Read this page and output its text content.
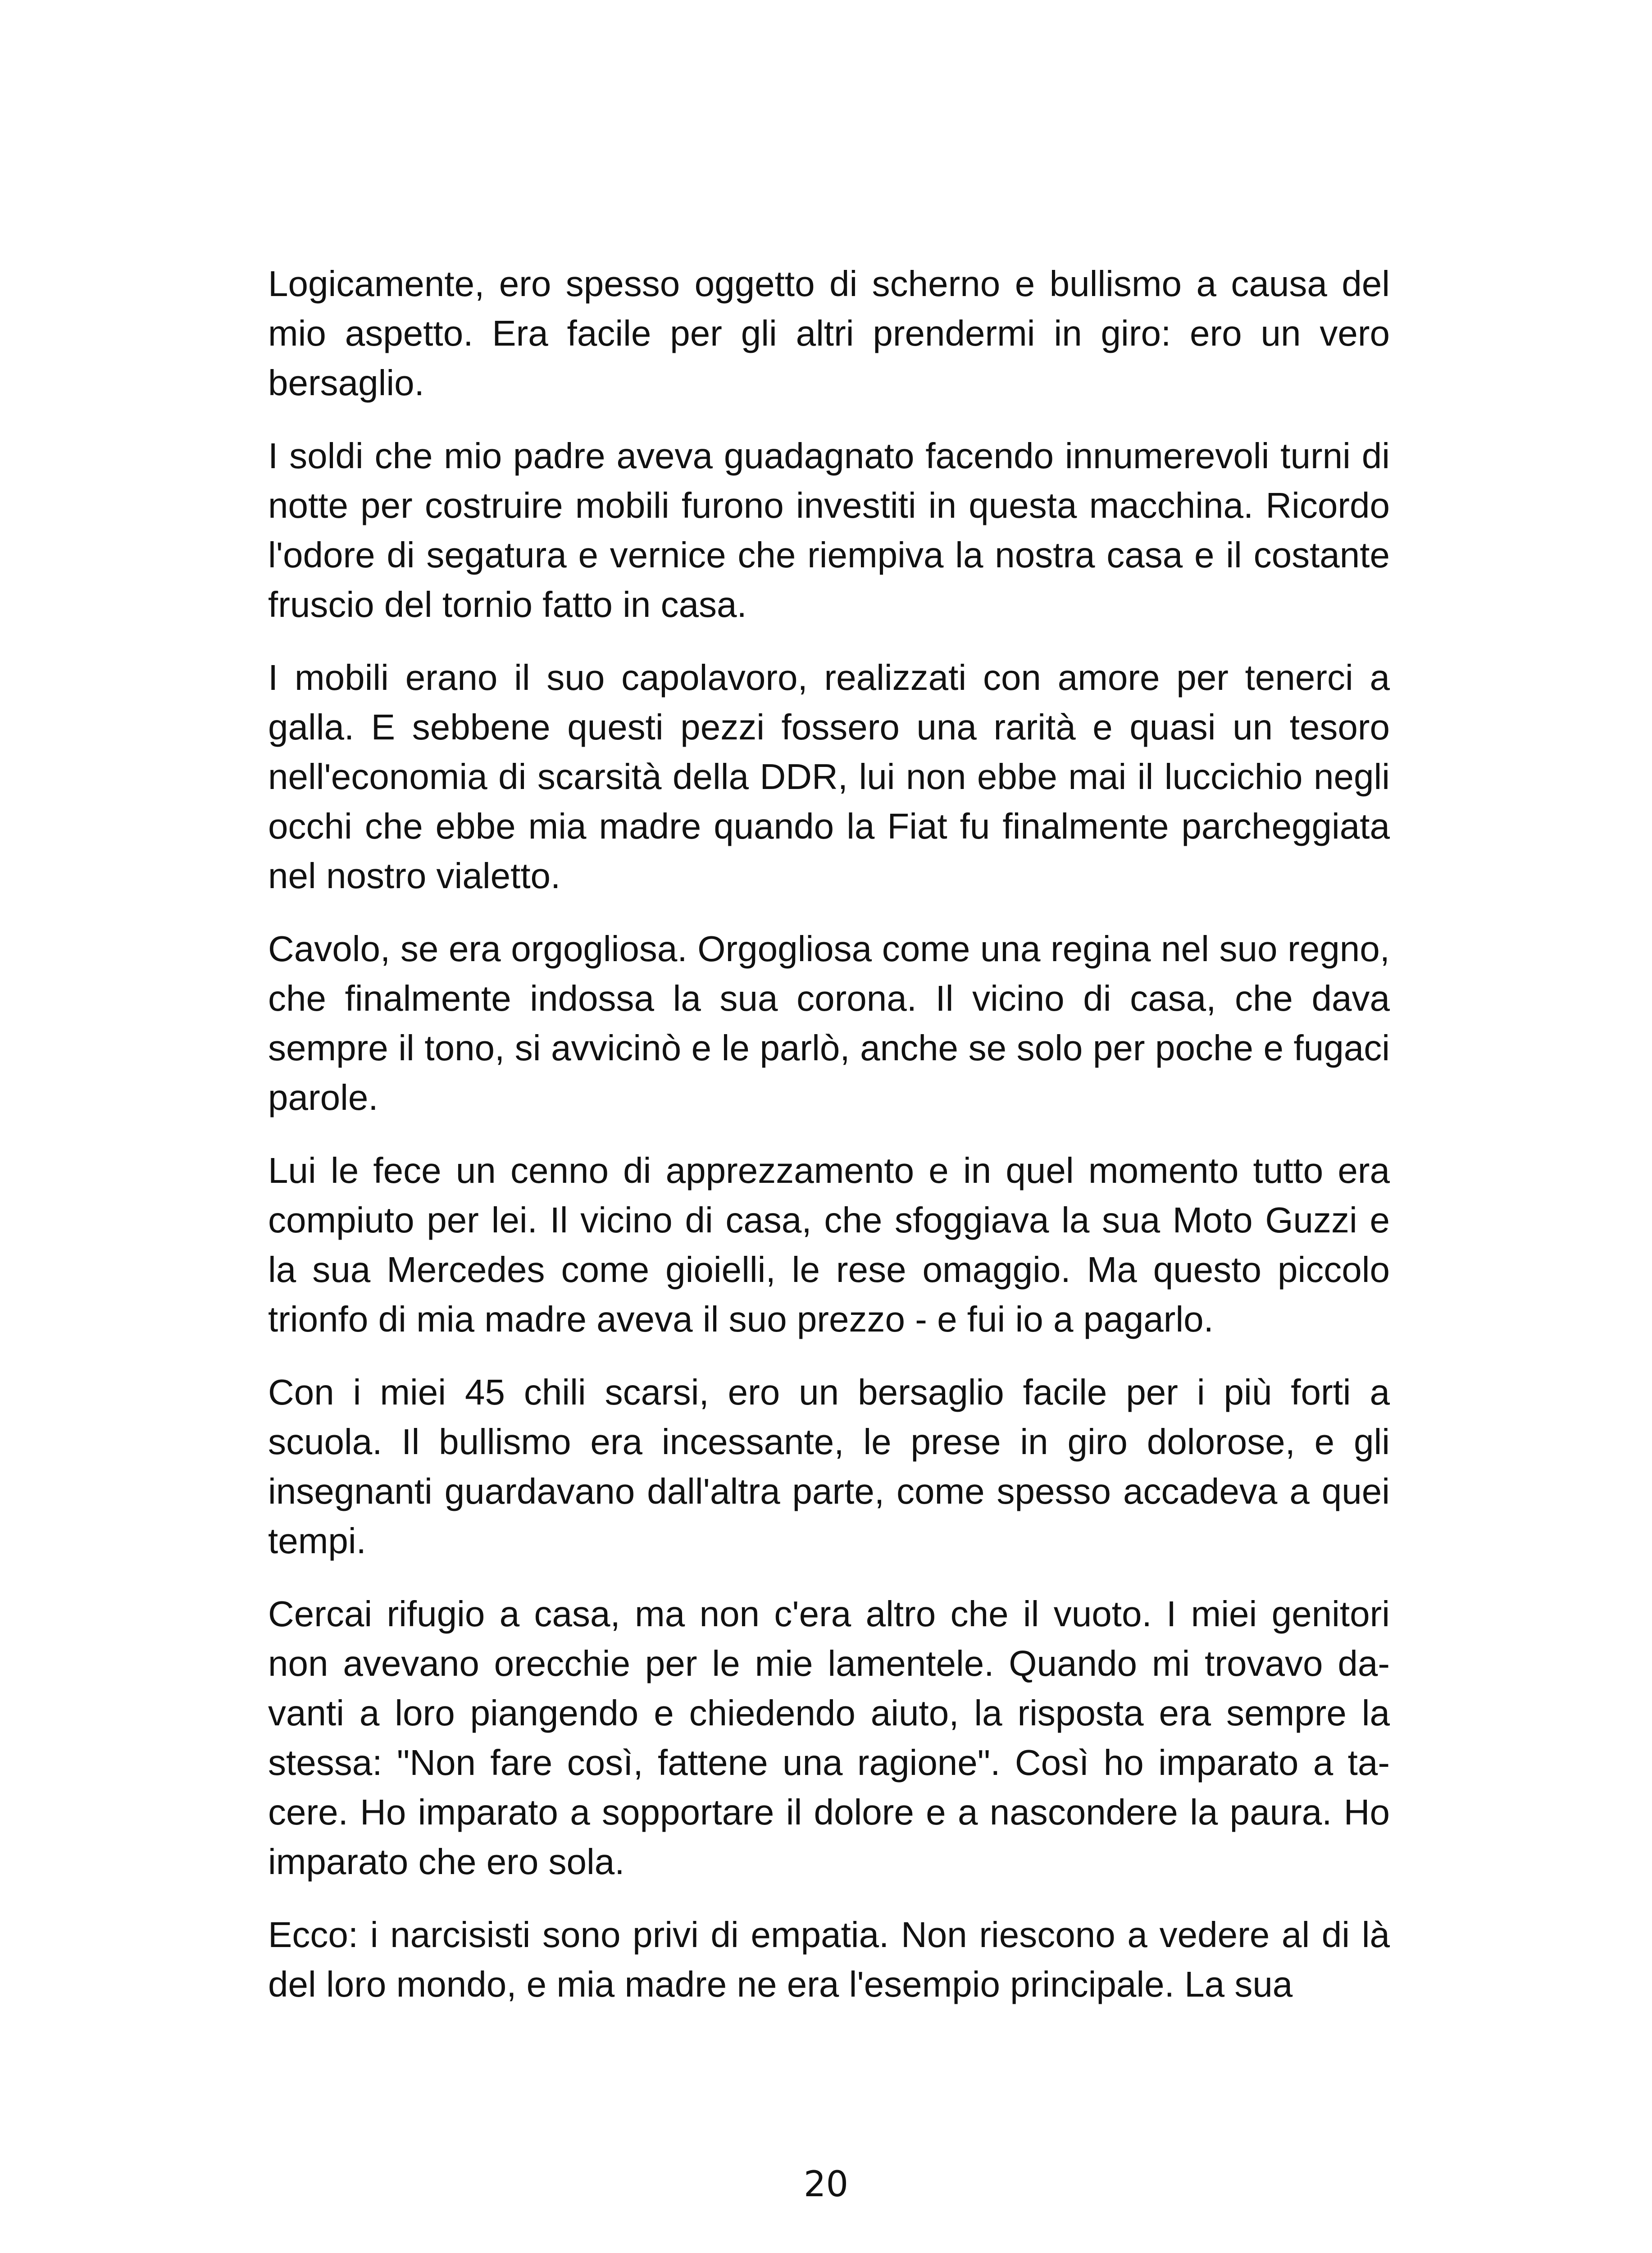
Logicamente, ero spesso oggetto di scherno e bullismo a causa del mio aspetto. Era facile per gli altri prendermi in giro: ero un vero bersaglio.

I soldi che mio padre aveva guadagnato facendo innumerevoli turni di notte per costruire mobili furono investiti in questa macchina. Ricordo l'odore di segatura e vernice che riempiva la nostra casa e il costante fruscio del tornio fatto in casa.

I mobili erano il suo capolavoro, realizzati con amore per tenerci a galla. E sebbene questi pezzi fossero una rarità e quasi un tesoro nell'economia di scarsità della DDR, lui non ebbe mai il luccichio negli occhi che ebbe mia madre quando la Fiat fu finalmente parcheggiata nel nostro vialetto.

Cavolo, se era orgogliosa. Orgogliosa come una regina nel suo regno, che finalmente indossa la sua corona. Il vicino di casa, che dava sempre il tono, si avvicinò e le parlò, anche se solo per poche e fugaci parole.

Lui le fece un cenno di apprezzamento e in quel momento tutto era compiuto per lei. Il vicino di casa, che sfoggiava la sua Moto Guzzi e la sua Mercedes come gioielli, le rese omaggio. Ma questo piccolo trionfo di mia madre aveva il suo prezzo - e fui io a pagarlo.

Con i miei 45 chili scarsi, ero un bersaglio facile per i più forti a scuola. Il bullismo era incessante, le prese in giro dolorose, e gli insegnanti guardavano dall'altra parte, come spesso accadeva a quei tempi.

Cercai rifugio a casa, ma non c'era altro che il vuoto. I miei genitori non avevano orecchie per le mie lamentele. Quando mi trovavo davanti a loro piangendo e chiedendo aiuto, la risposta era sempre la stessa: "Non fare così, fattene una ragione". Così ho imparato a tacere. Ho imparato a sopportare il dolore e a nascondere la paura. Ho imparato che ero sola.

Ecco: i narcisisti sono privi di empatia. Non riescono a vedere al di là del loro mondo, e mia madre ne era l'esempio principale. La sua

20
